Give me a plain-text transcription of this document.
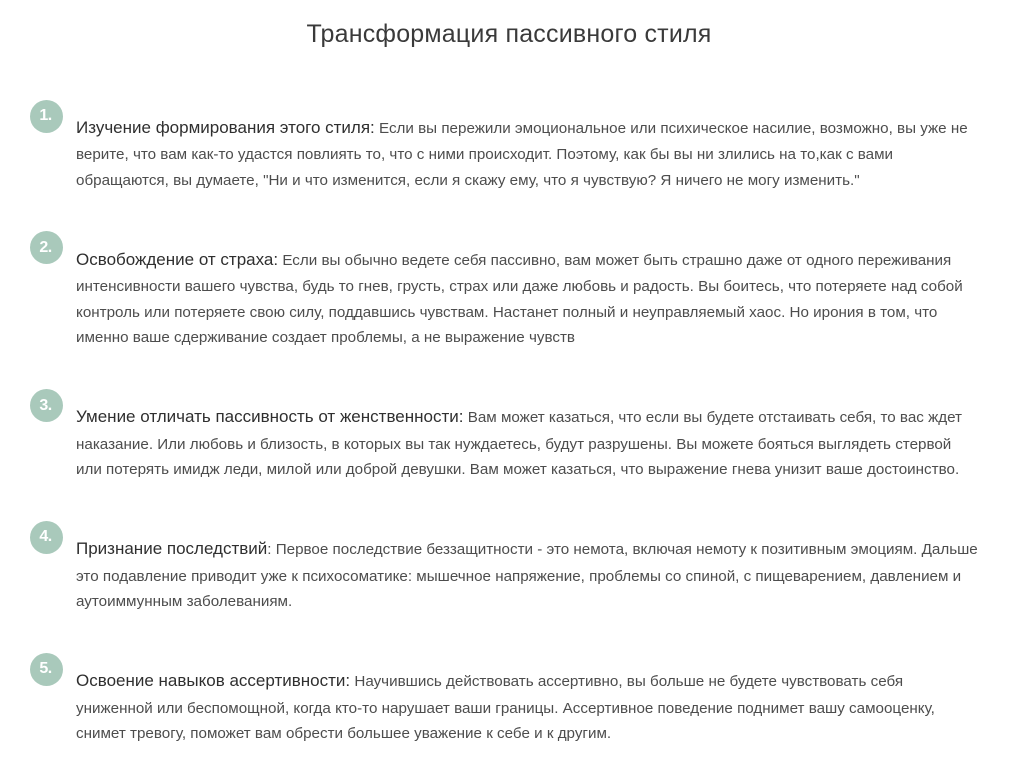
Трансформация пассивного стиля
1.

Изучение формирования этого стиля: Если вы пережили эмоциональное или психическое насилие, возможно, вы уже не верите, что вам как-то удастся повлиять то, что с ними происходит. Поэтому, как бы вы ни злились на то,как с вами обращаются, вы думаете, "Ни и что изменится, если я скажу ему, что я чувствую? Я ничего не могу изменить."

2.

Освобождение от страха: Если вы обычно ведете себя пассивно, вам может быть страшно даже от одного переживания интенсивности вашего чувства, будь то гнев, грусть, страх или даже любовь и радость. Вы боитесь, что потеряете над собой контроль или потеряете свою силу, поддавшись чувствам. Настанет полный и неуправляемый хаос. Но ирония в том, что именно ваше сдерживание создает проблемы, а не выражение чувств

3.

Умение отличать пассивность от женственности: Вам может казаться, что если вы будете отстаивать себя, то вас ждет наказание. Или любовь и близость, в которых вы так нуждаетесь, будут разрушены. Вы можете бояться выглядеть стервой или потерять имидж леди, милой или доброй девушки. Вам может казаться, что выражение гнева унизит ваше достоинство.

4.

Признание последствий: Первое последствие беззащитности - это немота, включая немоту к позитивным эмоциям. Дальше это подавление приводит уже к психосоматике: мышечное напряжение, проблемы со спиной, с пищеварением, давлением и аутоиммунным заболеваниям.

5.

Освоение навыков ассертивности: Научившись действовать ассертивно, вы больше не будете чувствовать себя униженной или беспомощной, когда кто-то нарушает ваши границы. Ассертивное поведение поднимет вашу самооценку, снимет тревогу, поможет вам обрести большее уважение к себе и к другим.
